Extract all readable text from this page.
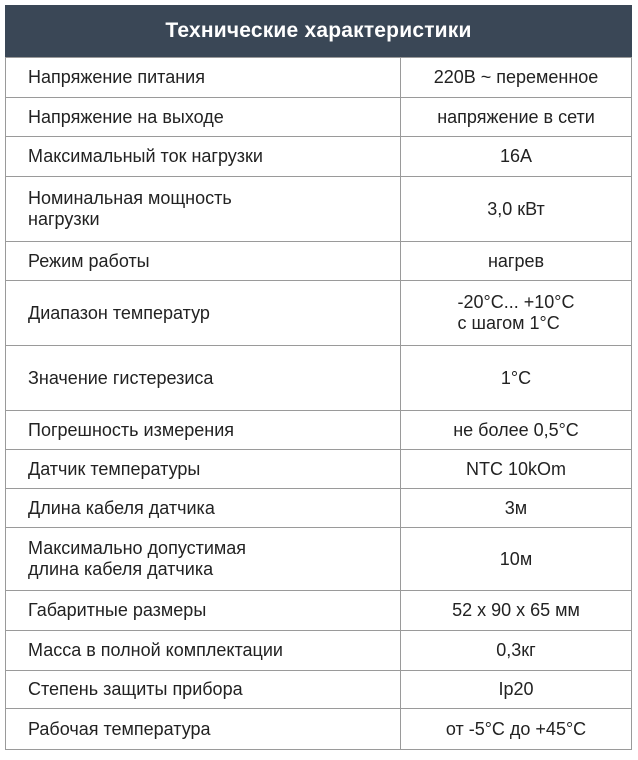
Технические характеристики
Напряжение питания	220В ~ переменное

Напряжение на выходе	напряжение в сети

Максимальный ток нагрузки	16А

Номинальная мощность
нагрузки	3,0 кВт

Режим работы	нагрев

Диапазон температур	-20°С... +10°С
с шагом 1°С

Значение гистерезиса	1°С

Погрешность измерения	не более 0,5°С

Датчик температуры	NTC 10kOm

Длина кабеля датчика	3м

Максимально допустимая
длина кабеля датчика	10м

Габаритные размеры	52 х 90 х 65 мм

Масса в полной комплектации	0,3кг

Степень защиты прибора	Ip20

Рабочая температура	от -5°С до +45°С
